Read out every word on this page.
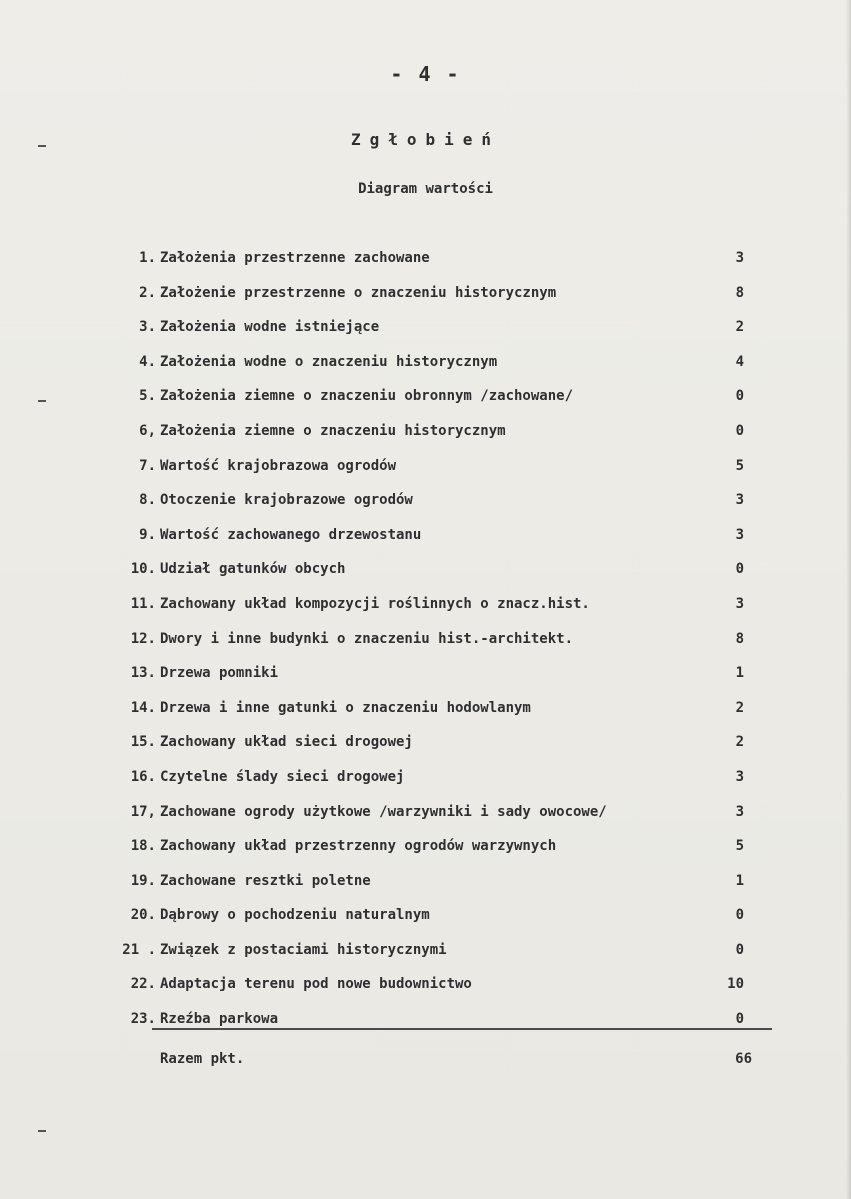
- 4 -
Zgłobień
Diagram wartości
1. Założenia przestrzenne zachowane	3
2. Założenie przestrzenne o znaczeniu historycznym	8
3. Założenia wodne istniejące	2
4. Założenia wodne o znaczeniu historycznym	4
5. Założenia ziemne o znaczeniu obronnym /zachowane/	0
6, Założenia ziemne o znaczeniu historycznym	0
7. Wartość krajobrazowa ogrodów	5
8. Otoczenie krajobrazowe ogrodów	3
9. Wartość zachowanego drzewostanu	3
10. Udział gatunków obcych	0
11. Zachowany układ kompozycji roślinnych o znacz.hist.	3
12. Dwory i inne budynki o znaczeniu hist.-architekt.	8
13. Drzewa pomniki	1
14. Drzewa i inne gatunki o znaczeniu hodowlanym	2
15. Zachowany układ sieci drogowej	2
16. Czytelne ślady sieci drogowej	3
17, Zachowane ogrody użytkowe /warzywniki i sady owocowe/	3
18. Zachowany układ przestrzenny ogrodów warzywnych	5
19. Zachowane resztki poletne	1
20. Dąbrowy o pochodzeniu naturalnym	0
21 . Związek z postaciami historycznymi	0
22. Adaptacja terenu pod nowe budownictwo	10
23. Rzeźba parkowa	0
Razem pkt.	66
